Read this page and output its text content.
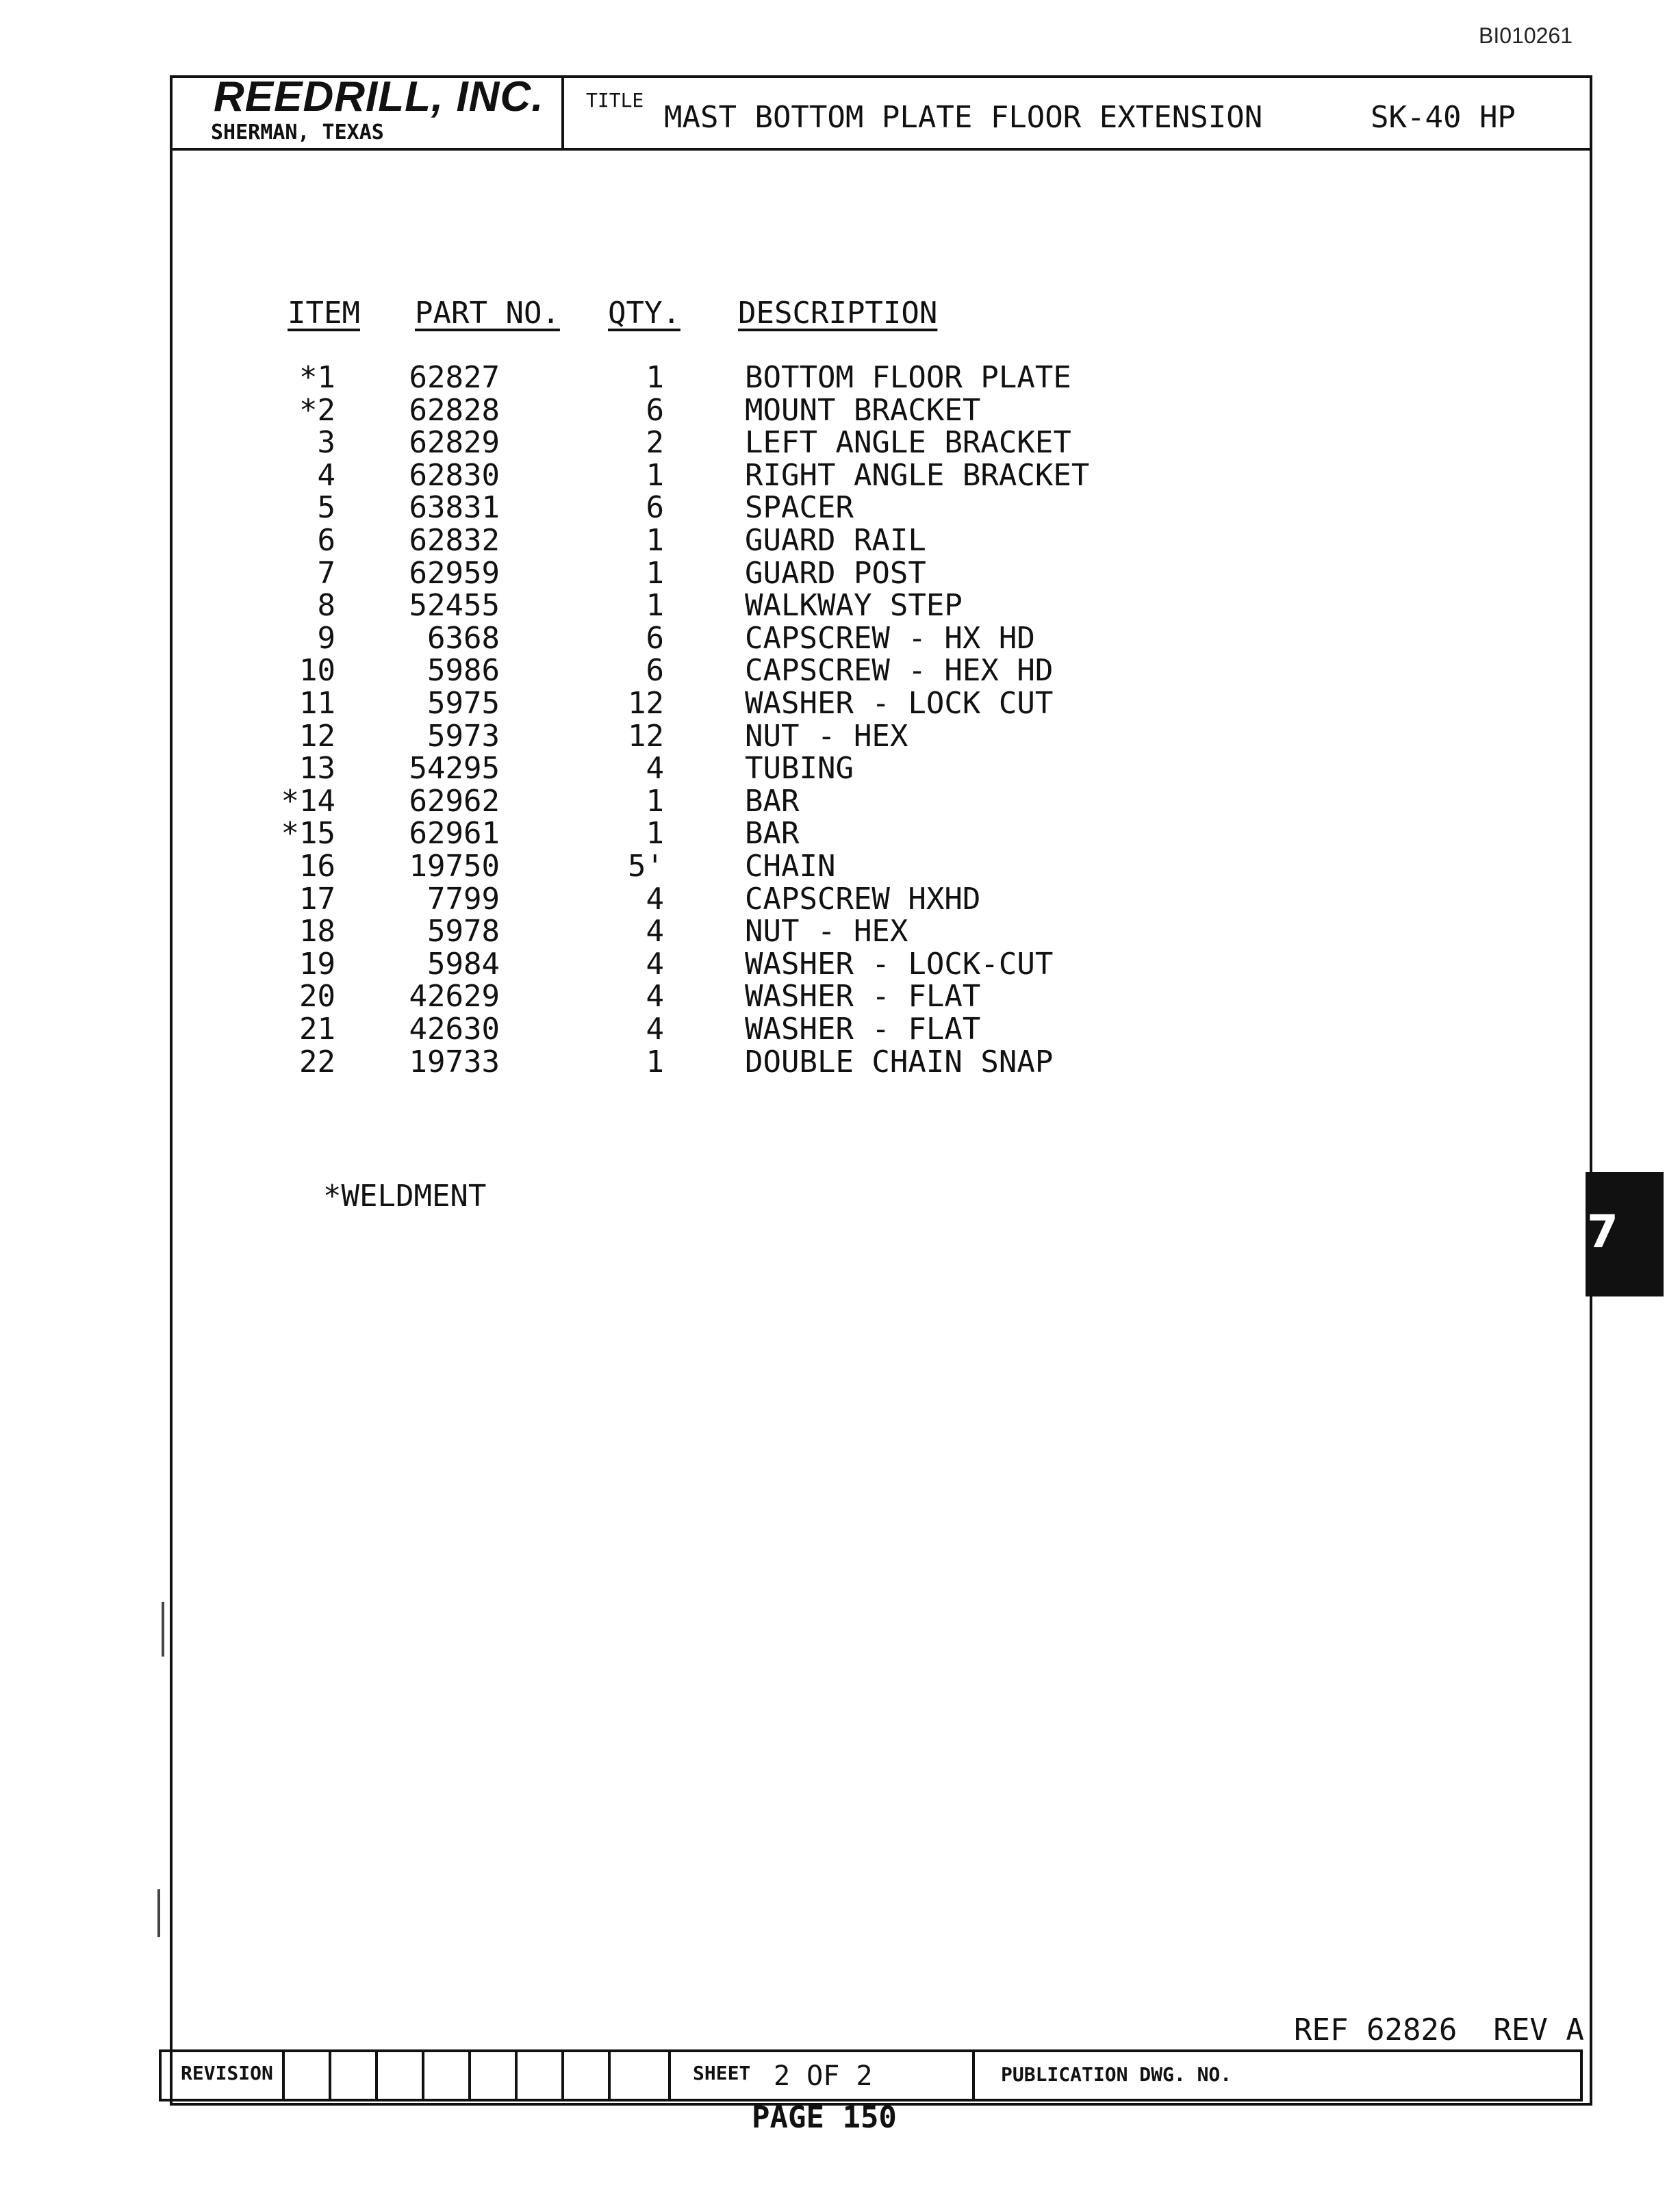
BI010261
REEDRILL, INC.
SHERMAN, TEXAS
TITLE MAST BOTTOM PLATE FLOOR EXTENSION	SK-40 HP
ITEM PART NO. QTY. DESCRIPTION
*1	62827	1	BOTTOM FLOOR PLATE
*2	62828	6	MOUNT BRACKET
3	62829	2	LEFT ANGLE BRACKET
4	62830	1	RIGHT ANGLE BRACKET
5	63831	6	SPACER
6	62832	1	GUARD RAIL
7	62959	1	GUARD POST
8	52455	1	WALKWAY STEP
9	6368	6	CAPSCREW - HX HD
10	5986	6	CAPSCREW - HEX HD
11	5975	12	WASHER - LOCK CUT
12	5973	12	NUT - HEX
13	54295	4	TUBING
*14	62962	1	BAR
*15	62961	1	BAR
16	19750	5'	CHAIN
17	7799	4	CAPSCREW HXHD
18	5978	4	NUT - HEX
19	5984	4	WASHER - LOCK-CUT
20	42629	4	WASHER - FLAT
21	42630	4	WASHER - FLAT
22	19733	1	DOUBLE CHAIN SNAP
*WELDMENT
7
REF 62826  REV A
REVISION	SHEET 2 OF 2	PUBLICATION DWG. NO.
PAGE 150
